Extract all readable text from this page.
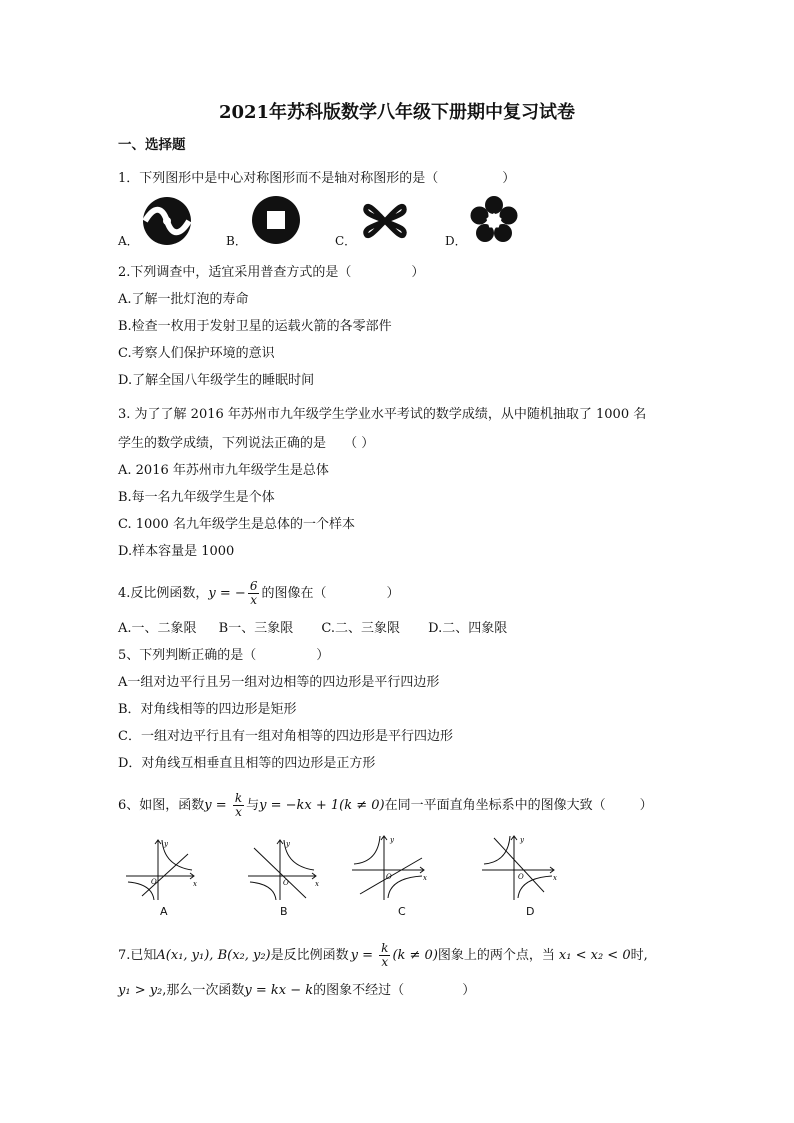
2021年苏科版数学八年级下册期中复习试卷
一、选择题
1．下列图形中是中心对称图形而不是轴对称图形的是（	）
A．	B．	C．	D．
2.下列调查中，适宜采用普查方式的是（	）
A.了解一批灯泡的寿命
B.检查一枚用于发射卫星的运载火箭的各零部件
C.考察人们保护环境的意识
D.了解全国八年级学生的睡眠时间
3. 为了了解 2016 年苏州市九年级学生学业水平考试的数学成绩，从中随机抽取了 1000 名
学生的数学成绩，下列说法正确的是 （ ）
A. 2016 年苏州市九年级学生是总体
B.每一名九年级学生是个体
C. 1000 名九年级学生是总体的一个样本
D.样本容量是 1000
4.反比例函数，y = − $\frac{6}{x}$ 的图像在（	）
A.一、二象限 B一、三象限 C.二、三象限 D.二、四象限
5、下列判断正确的是（	）
A一组对边平行且另一组对边相等的四边形是平行四边形
B．对角线相等的四边形是矩形
C．一组对边平行且有一组对角相等的四边形是平行四边形
D．对角线互相垂直且相等的四边形是正方形
6、如图，函数$y = \frac{k}{x}$ 与y = −kx + 1(k ≠ 0)在同一平面直角坐标系中的图像大致（	）
y
x
O
A
y
x
O
B
y
x
O
C
y
x
O
D
7.已知A(x₁, y₁), B(x₂, y₂)是反比例函数 $y = \frac{k}{x} (k \ne 0)$图象上的两个点，当 x₁ < x₂ < 0时,
y₁ > y₂,那么一次函数y = kx − k的图象不经过（	）
